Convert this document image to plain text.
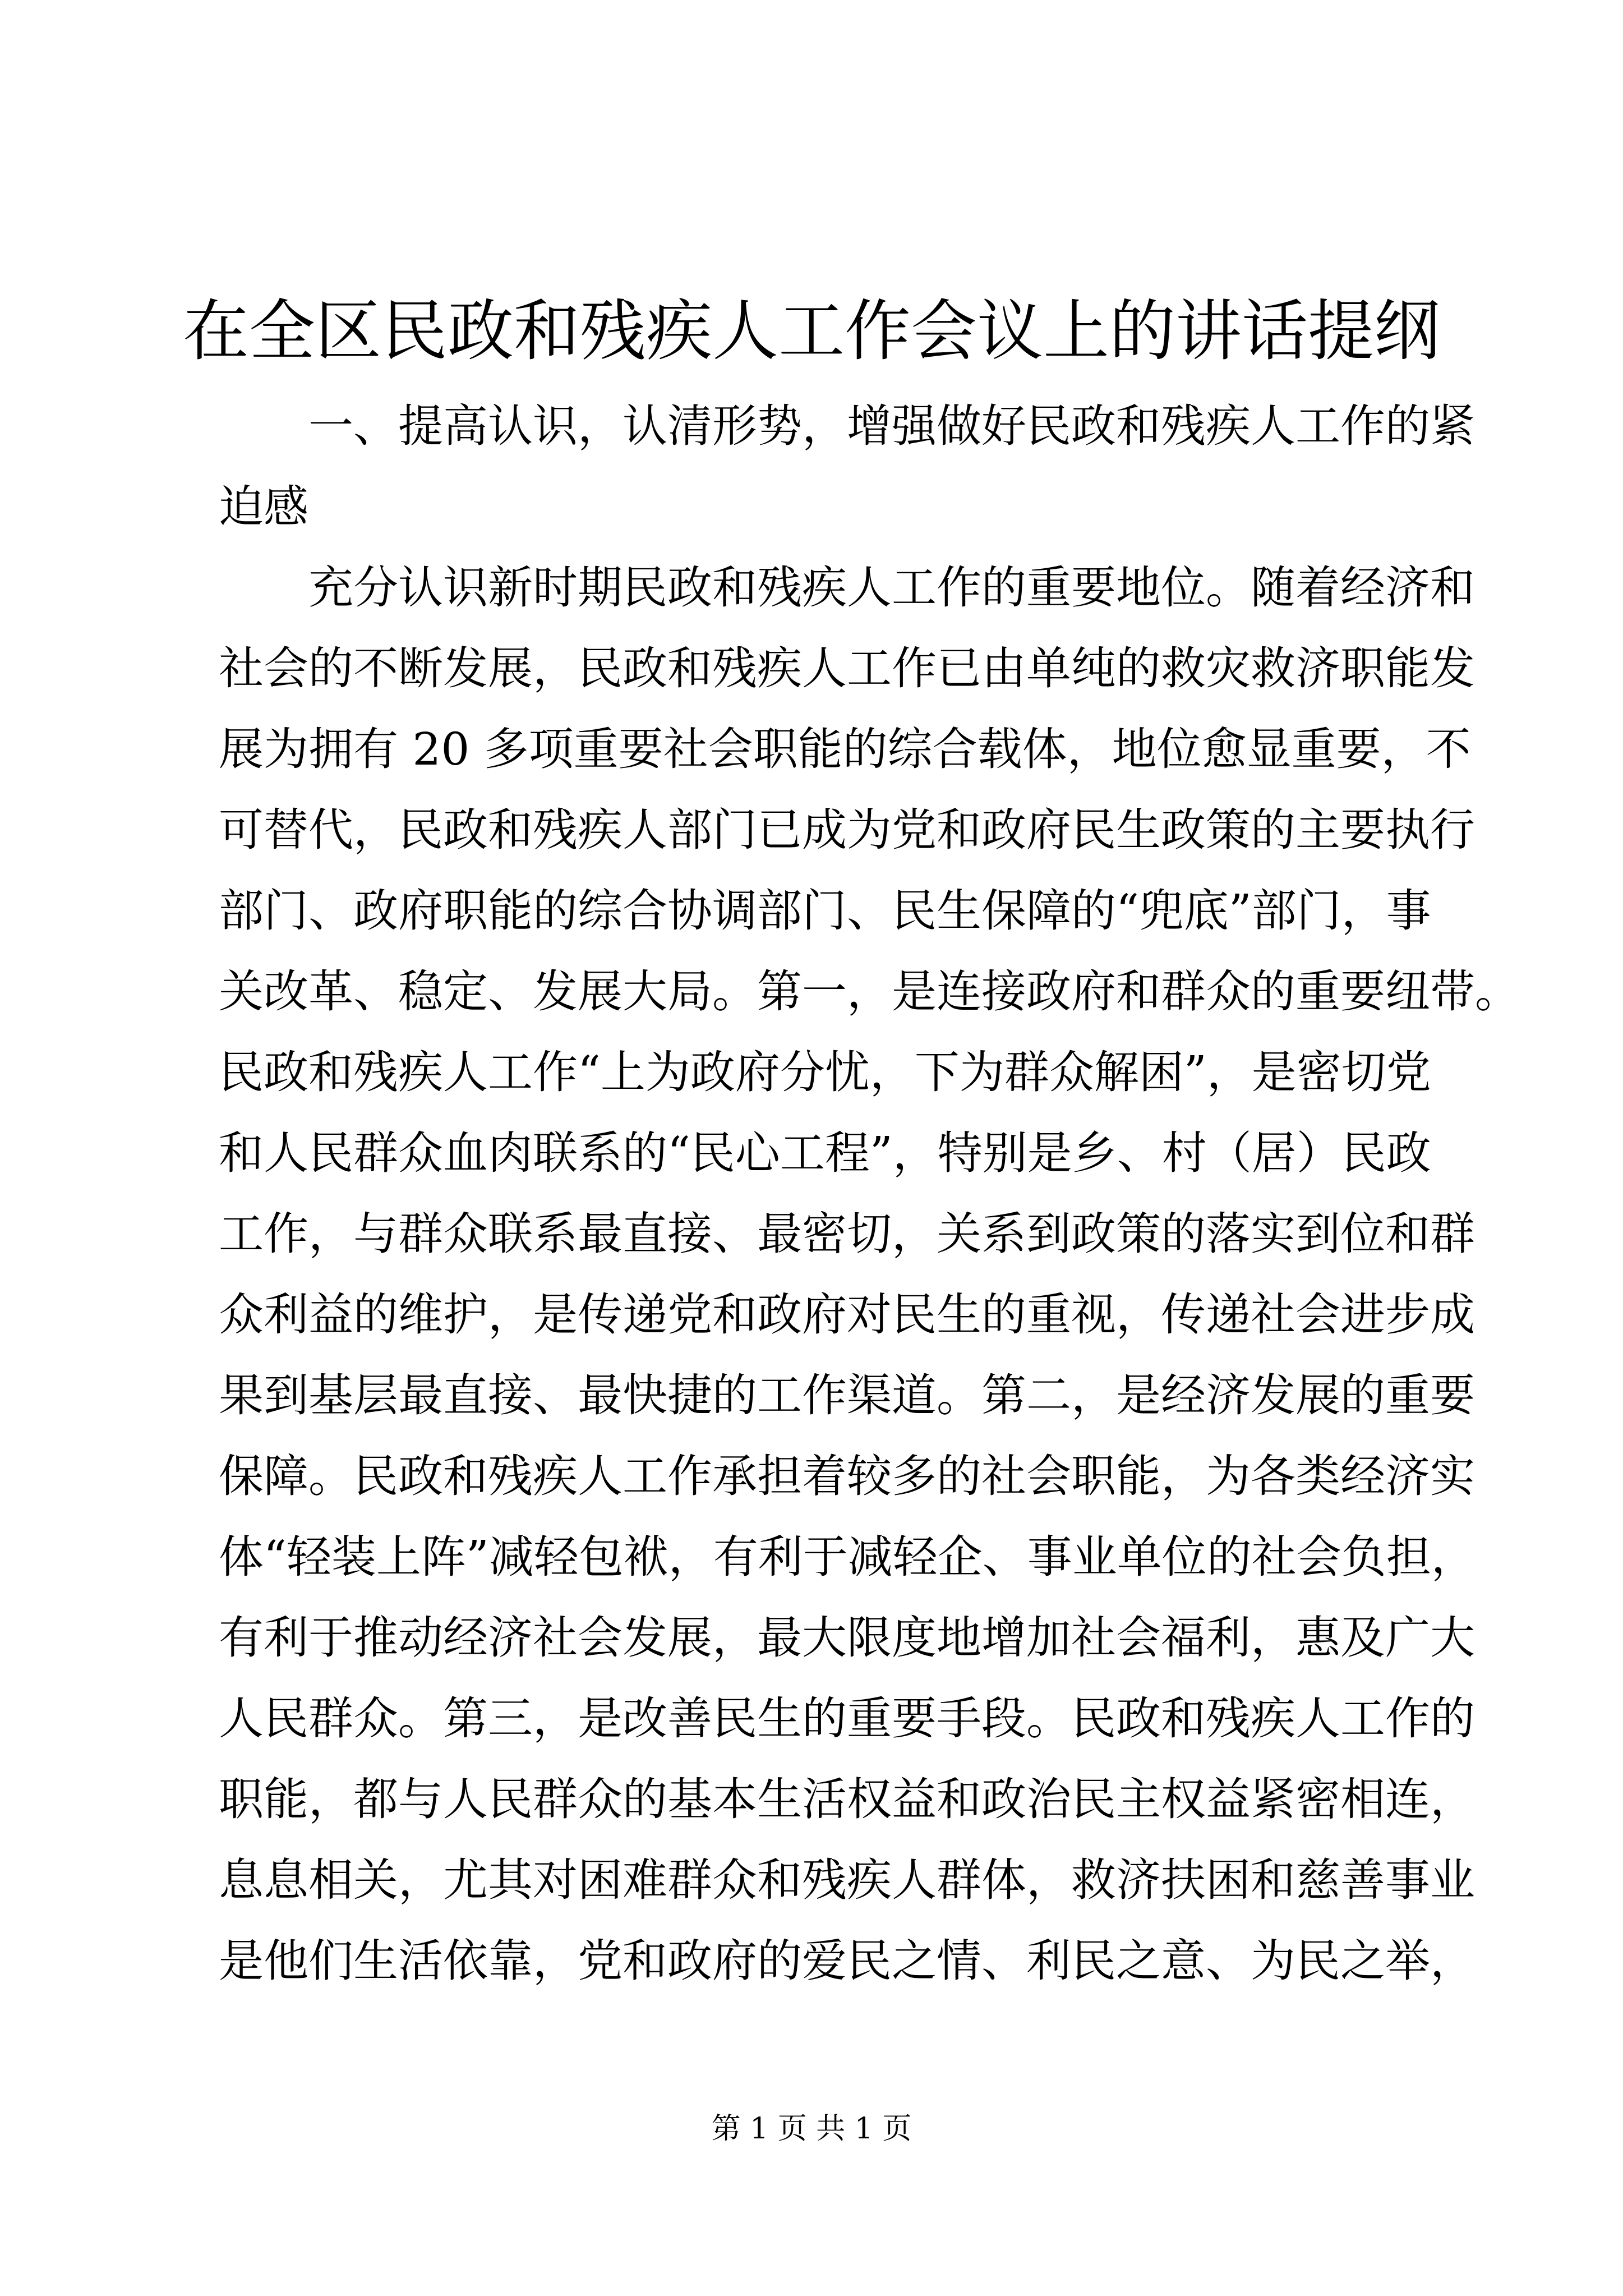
在全区民政和残疾人工作会议上的讲话提纲
一、提高认识，认清形势，增强做好民政和残疾人工作的紧
迫感
充分认识新时期民政和残疾人工作的重要地位。随着经济和
社会的不断发展，民政和残疾人工作已由单纯的救灾救济职能发
展为拥有 20 多项重要社会职能的综合载体，地位愈显重要，不
可替代，民政和残疾人部门已成为党和政府民生政策的主要执行
部门、政府职能的综合协调部门、民生保障的“兜底”部门，事
关改革、稳定、发展大局。第一，是连接政府和群众的重要纽带。
民政和残疾人工作“上为政府分忧，下为群众解困”，是密切党
和人民群众血肉联系的“民心工程”，特别是乡、村（居）民政
工作，与群众联系最直接、最密切，关系到政策的落实到位和群
众利益的维护，是传递党和政府对民生的重视，传递社会进步成
果到基层最直接、最快捷的工作渠道。第二，是经济发展的重要
保障。民政和残疾人工作承担着较多的社会职能，为各类经济实
体“轻装上阵”减轻包袱，有利于减轻企、事业单位的社会负担，
有利于推动经济社会发展，最大限度地增加社会福利，惠及广大
人民群众。第三，是改善民生的重要手段。民政和残疾人工作的
职能，都与人民群众的基本生活权益和政治民主权益紧密相连，
息息相关，尤其对困难群众和残疾人群体，救济扶困和慈善事业
是他们生活依靠，党和政府的爱民之情、利民之意、为民之举，
第 1 页 共 1 页
